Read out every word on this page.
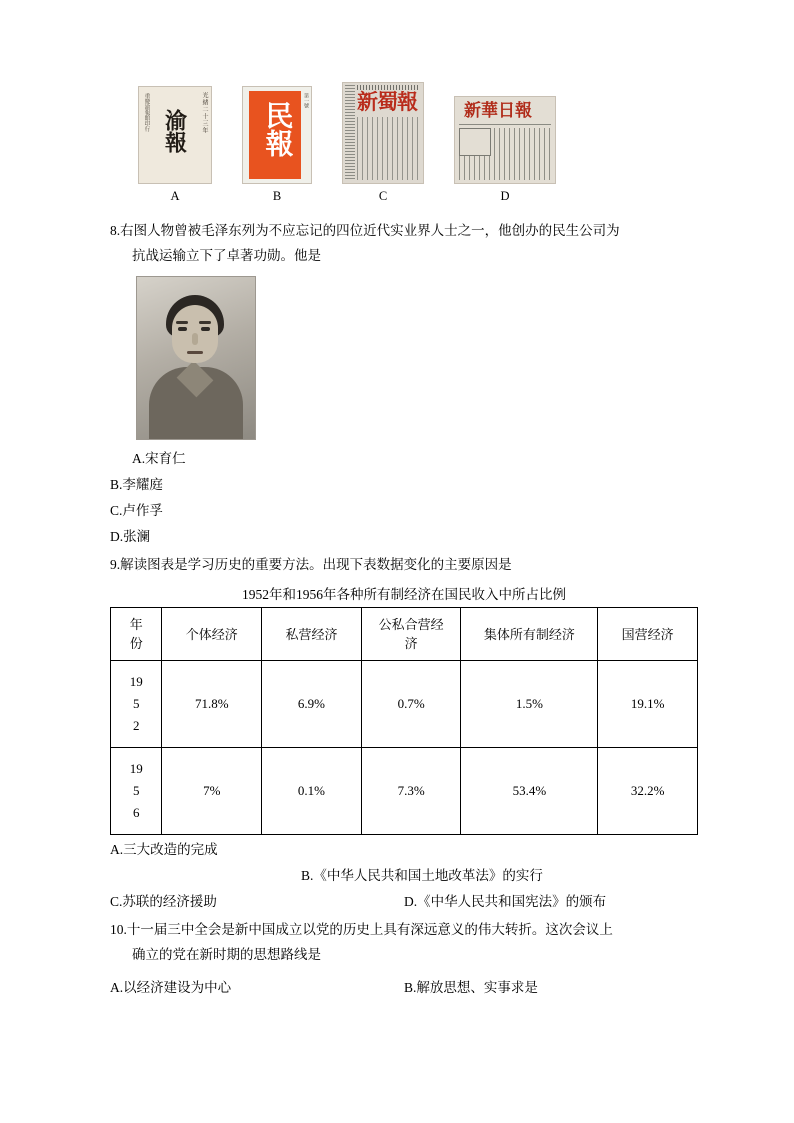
光緒二十三年
重慶渝報館印行 渝報
A
民報
第一號
B
新蜀報
C
新華日報
D
8.右图人物曾被毛泽东列为不应忘记的四位近代实业界人士之一，他创办的民生公司为
抗战运输立下了卓著功勋。他是
A.宋育仁
B.李耀庭
C.卢作孚
D.张澜
9.解读图表是学习历史的重要方法。出现下表数据变化的主要原因是
1952年和1956年各种所有制经济在国民收入中所占比例
年份	个体经济	私营经济	公私合营经济	集体所有制经济	国营经济

19
5
2	71.8%	6.9%	0.7%	1.5%	19.1%

19
5
6	7%	0.1%	7.3%	53.4%	32.2%
A.三大改造的完成
B.《中华人民共和国土地改革法》的实行
C.苏联的经济援助	D.《中华人民共和国宪法》的颁布
10.十一届三中全会是新中国成立以党的历史上具有深远意义的伟大转折。这次会议上
确立的党在新时期的思想路线是
A.以经济建设为中心	B.解放思想、实事求是
